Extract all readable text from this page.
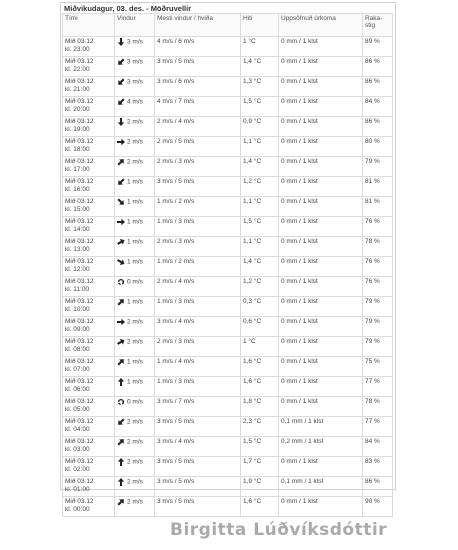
Miðvikudagur, 03. des. - Möðruvellir
Tími	Vindur	Mesti vindur / hviða	Hiti	Uppsöfnuð úrkoma	Raka-stig
Mið 03.12
kl. 23:00	3 m/s	4 m/s / 6 m/s	1 °C	0 mm / 1 klst	89 %
Mið 03.12
kl. 22:00	3 m/s	3 m/s / 5 m/s	1,4 °C	0 mm / 1 klst	86 %
Mið 03.12
kl. 21:00	3 m/s	3 m/s / 6 m/s	1,3 °C	0 mm / 1 klst	86 %
Mið 03.12
kl. 20:00	4 m/s	4 m/s / 7 m/s	1,5 °C	0 mm / 1 klst	84 %
Mið 03.12
kl. 19:00	2 m/s	2 m/s / 4 m/s	0,9 °C	0 mm / 1 klst	86 %
Mið 03.12
kl. 18:00	2 m/s	2 m/s / 5 m/s	1,1 °C	0 mm / 1 klst	80 %
Mið 03.12
kl. 17:00	2 m/s	2 m/s / 3 m/s	1,4 °C	0 mm / 1 klst	79 %
Mið 03.12
kl. 16:00	1 m/s	3 m/s / 5 m/s	1,2 °C	0 mm / 1 klst	81 %
Mið 03.12
kl. 15:00	1 m/s	1 m/s / 2 m/s	1,1 °C	0 mm / 1 klst	81 %
Mið 03.12
kl. 14:00	1 m/s	1 m/s / 3 m/s	1,5 °C	0 mm / 1 klst	76 %
Mið 03.12
kl. 13:00	1 m/s	2 m/s / 3 m/s	1,1 °C	0 mm / 1 klst	78 %
Mið 03.12
kl. 12:00	1 m/s	1 m/s / 2 m/s	1,4 °C	0 mm / 1 klst	76 %
Mið 03.12
kl. 11:00	0 m/s	2 m/s / 4 m/s	1,2 °C	0 mm / 1 klst	76 %
Mið 03.12
kl. 10:00	1 m/s	1 m/s / 3 m/s	0,3 °C	0 mm / 1 klst	79 %
Mið 03.12
kl. 09:00	2 m/s	3 m/s / 4 m/s	0,6 °C	0 mm / 1 klst	79 %
Mið 03.12
kl. 08:00	2 m/s	2 m/s / 3 m/s	1 °C	0 mm / 1 klst	79 %
Mið 03.12
kl. 07:00	1 m/s	1 m/s / 4 m/s	1,6 °C	0 mm / 1 klst	75 %
Mið 03.12
kl. 06:00	1 m/s	1 m/s / 3 m/s	1,6 °C	0 mm / 1 klst	77 %
Mið 03.12
kl. 05:00	0 m/s	3 m/s / 7 m/s	1,8 °C	0 mm / 1 klst	78 %
Mið 03.12
kl. 04:00	2 m/s	3 m/s / 5 m/s	2,3 °C	0,1 mm / 1 klst	77 %
Mið 03.12
kl. 03:00	2 m/s	3 m/s / 4 m/s	1,5 °C	0,2 mm / 1 klst	84 %
Mið 03.12
kl. 02:00	2 m/s	3 m/s / 5 m/s	1,7 °C	0 mm / 1 klst	83 %
Mið 03.12
kl. 01:00	2 m/s	3 m/s / 5 m/s	1,9 °C	0,1 mm / 1 klst	86 %
Mið 03.12
kl. 00:00	2 m/s	3 m/s / 5 m/s	1,6 °C	0 mm / 1 klst	90 %
Birgitta Lúðvíksdóttir
